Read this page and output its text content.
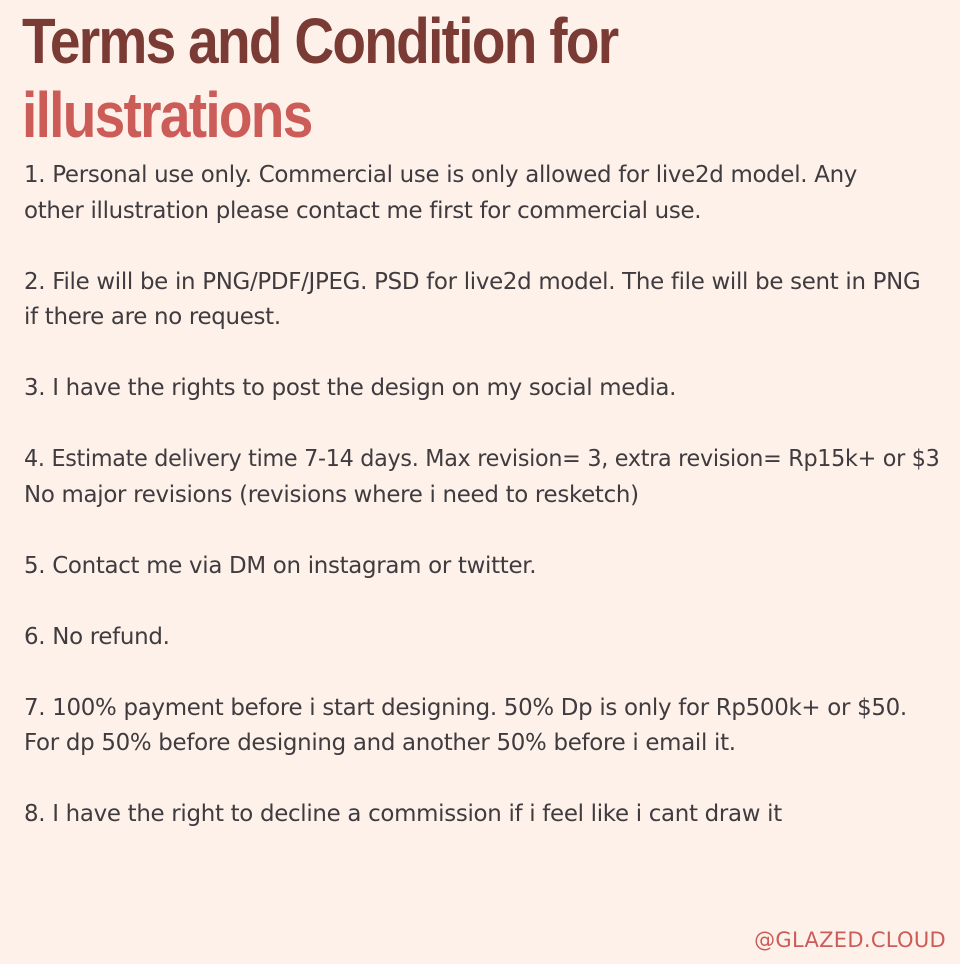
Terms and Condition for
illustrations
1. Personal use only. Commercial use is only allowed for live2d model. Any
other illustration please contact me first for commercial use.
2. File will be in PNG/PDF/JPEG. PSD for live2d model. The file will be sent in PNG
if there are no request.
3. I have the rights to post the design on my social media.
4. Estimate delivery time 7-14 days. Max revision= 3, extra revision= Rp15k+ or $3
No major revisions (revisions where i need to resketch)
5. Contact me via DM on instagram or twitter.
6. No refund.
7. 100% payment before i start designing. 50% Dp is only for Rp500k+ or $50.
For dp 50% before designing and another 50% before i email it.
8. I have the right to decline a commission if i feel like i cant draw it
@GLAZED.CLOUD
